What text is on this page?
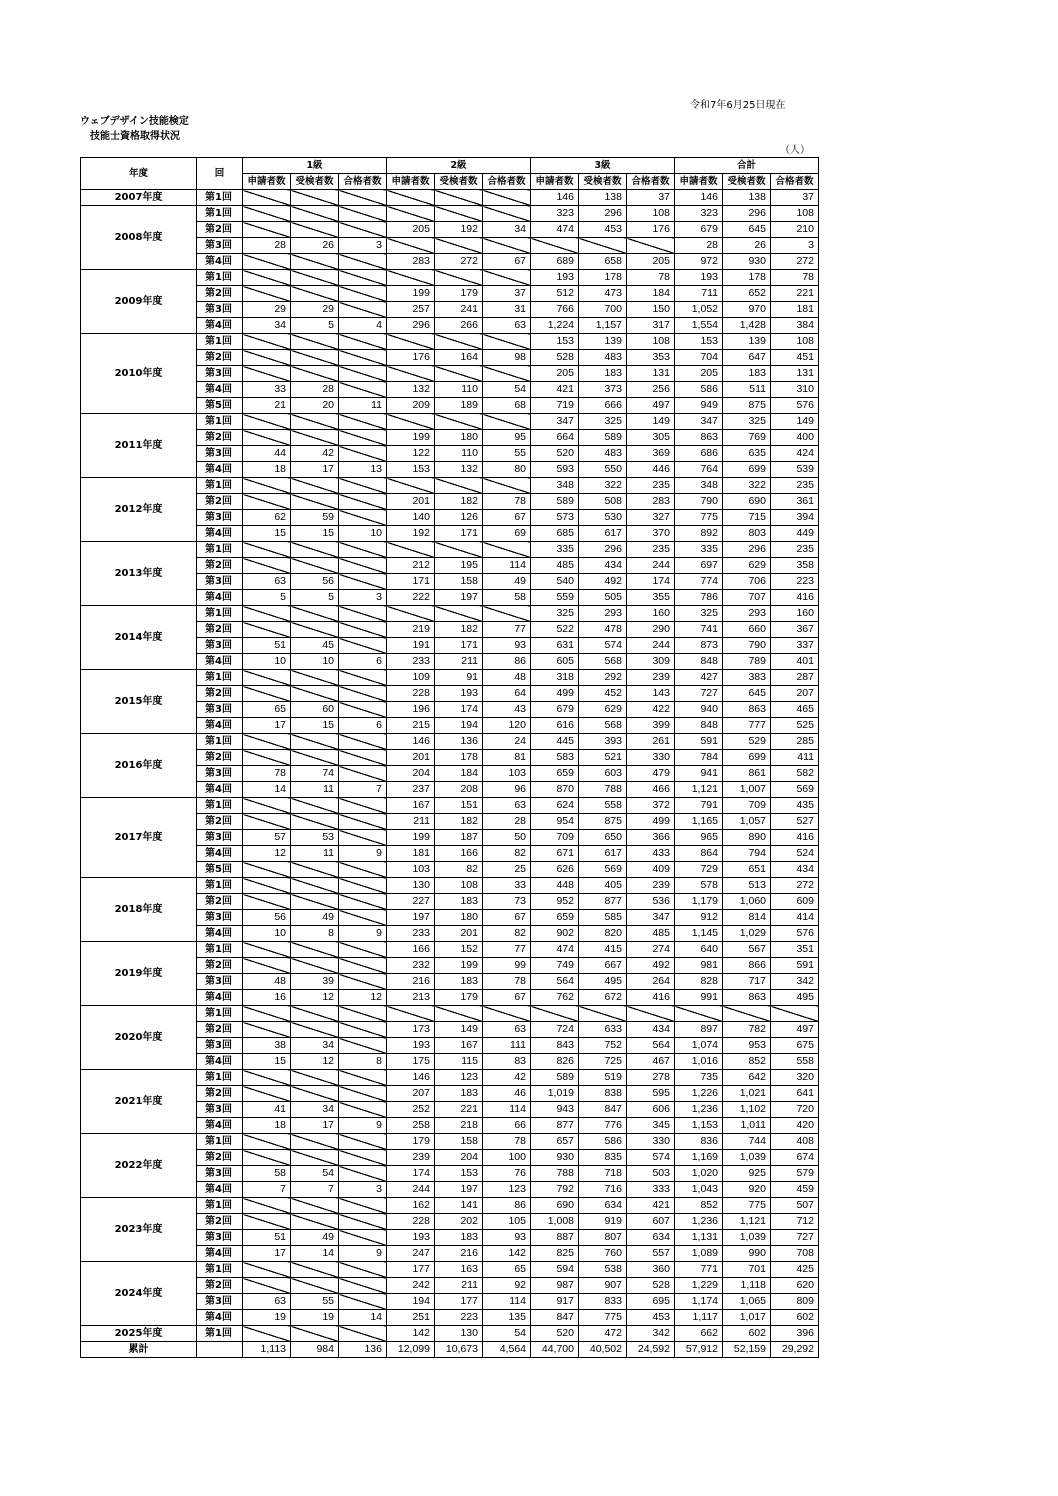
令和7年6月25日現在
ウェブデザイン技能検定
技能士資格取得状況
（人）
年度	回	1級			2級			3級			合計		
		申請者数	受検者数	合格者数	申請者数	受検者数	合格者数	申請者数	受検者数	合格者数	申請者数	受検者数	合格者数
2007年度	第1回							146	138	37	146	138	37
2008年度	第1回							323	296	108	323	296	108
	第2回				205	192	34	474	453	176	679	645	210
	第3回	28	26	3							28	26	3
	第4回				283	272	67	689	658	205	972	930	272
2009年度	第1回							193	178	78	193	178	78
	第2回				199	179	37	512	473	184	711	652	221
	第3回	29	29		257	241	31	766	700	150	1,052	970	181
	第4回	34	5	4	296	266	63	1,224	1,157	317	1,554	1,428	384
2010年度	第1回							153	139	108	153	139	108
	第2回				176	164	98	528	483	353	704	647	451
	第3回							205	183	131	205	183	131
	第4回	33	28		132	110	54	421	373	256	586	511	310
	第5回	21	20	11	209	189	68	719	666	497	949	875	576
2011年度	第1回							347	325	149	347	325	149
	第2回				199	180	95	664	589	305	863	769	400
	第3回	44	42		122	110	55	520	483	369	686	635	424
	第4回	18	17	13	153	132	80	593	550	446	764	699	539
2012年度	第1回							348	322	235	348	322	235
	第2回				201	182	78	589	508	283	790	690	361
	第3回	62	59		140	126	67	573	530	327	775	715	394
	第4回	15	15	10	192	171	69	685	617	370	892	803	449
2013年度	第1回							335	296	235	335	296	235
	第2回				212	195	114	485	434	244	697	629	358
	第3回	63	56		171	158	49	540	492	174	774	706	223
	第4回	5	5	3	222	197	58	559	505	355	786	707	416
2014年度	第1回							325	293	160	325	293	160
	第2回				219	182	77	522	478	290	741	660	367
	第3回	51	45		191	171	93	631	574	244	873	790	337
	第4回	10	10	6	233	211	86	605	568	309	848	789	401
2015年度	第1回				109	91	48	318	292	239	427	383	287
	第2回				228	193	64	499	452	143	727	645	207
	第3回	65	60		196	174	43	679	629	422	940	863	465
	第4回	17	15	6	215	194	120	616	568	399	848	777	525
2016年度	第1回				146	136	24	445	393	261	591	529	285
	第2回				201	178	81	583	521	330	784	699	411
	第3回	78	74		204	184	103	659	603	479	941	861	582
	第4回	14	11	7	237	208	96	870	788	466	1,121	1,007	569
2017年度	第1回				167	151	63	624	558	372	791	709	435
	第2回				211	182	28	954	875	499	1,165	1,057	527
	第3回	57	53		199	187	50	709	650	366	965	890	416
	第4回	12	11	9	181	166	82	671	617	433	864	794	524
	第5回				103	82	25	626	569	409	729	651	434
2018年度	第1回				130	108	33	448	405	239	578	513	272
	第2回				227	183	73	952	877	536	1,179	1,060	609
	第3回	56	49		197	180	67	659	585	347	912	814	414
	第4回	10	8	9	233	201	82	902	820	485	1,145	1,029	576
2019年度	第1回				166	152	77	474	415	274	640	567	351
	第2回				232	199	99	749	667	492	981	866	591
	第3回	48	39		216	183	78	564	495	264	828	717	342
	第4回	16	12	12	213	179	67	762	672	416	991	863	495
2020年度	第1回												
	第2回				173	149	63	724	633	434	897	782	497
	第3回	38	34		193	167	111	843	752	564	1,074	953	675
	第4回	15	12	8	175	115	83	826	725	467	1,016	852	558
2021年度	第1回				146	123	42	589	519	278	735	642	320
	第2回				207	183	46	1,019	838	595	1,226	1,021	641
	第3回	41	34		252	221	114	943	847	606	1,236	1,102	720
	第4回	18	17	9	258	218	66	877	776	345	1,153	1,011	420
2022年度	第1回				179	158	78	657	586	330	836	744	408
	第2回				239	204	100	930	835	574	1,169	1,039	674
	第3回	58	54		174	153	76	788	718	503	1,020	925	579
	第4回	7	7	3	244	197	123	792	716	333	1,043	920	459
2023年度	第1回				162	141	86	690	634	421	852	775	507
	第2回				228	202	105	1,008	919	607	1,236	1,121	712
	第3回	51	49		193	183	93	887	807	634	1,131	1,039	727
	第4回	17	14	9	247	216	142	825	760	557	1,089	990	708
2024年度	第1回				177	163	65	594	538	360	771	701	425
	第2回				242	211	92	987	907	528	1,229	1,118	620
	第3回	63	55		194	177	114	917	833	695	1,174	1,065	809
	第4回	19	19	14	251	223	135	847	775	453	1,117	1,017	602
2025年度	第1回				142	130	54	520	472	342	662	602	396
累計		1,113	984	136	12,099	10,673	4,564	44,700	40,502	24,592	57,912	52,159	29,292
